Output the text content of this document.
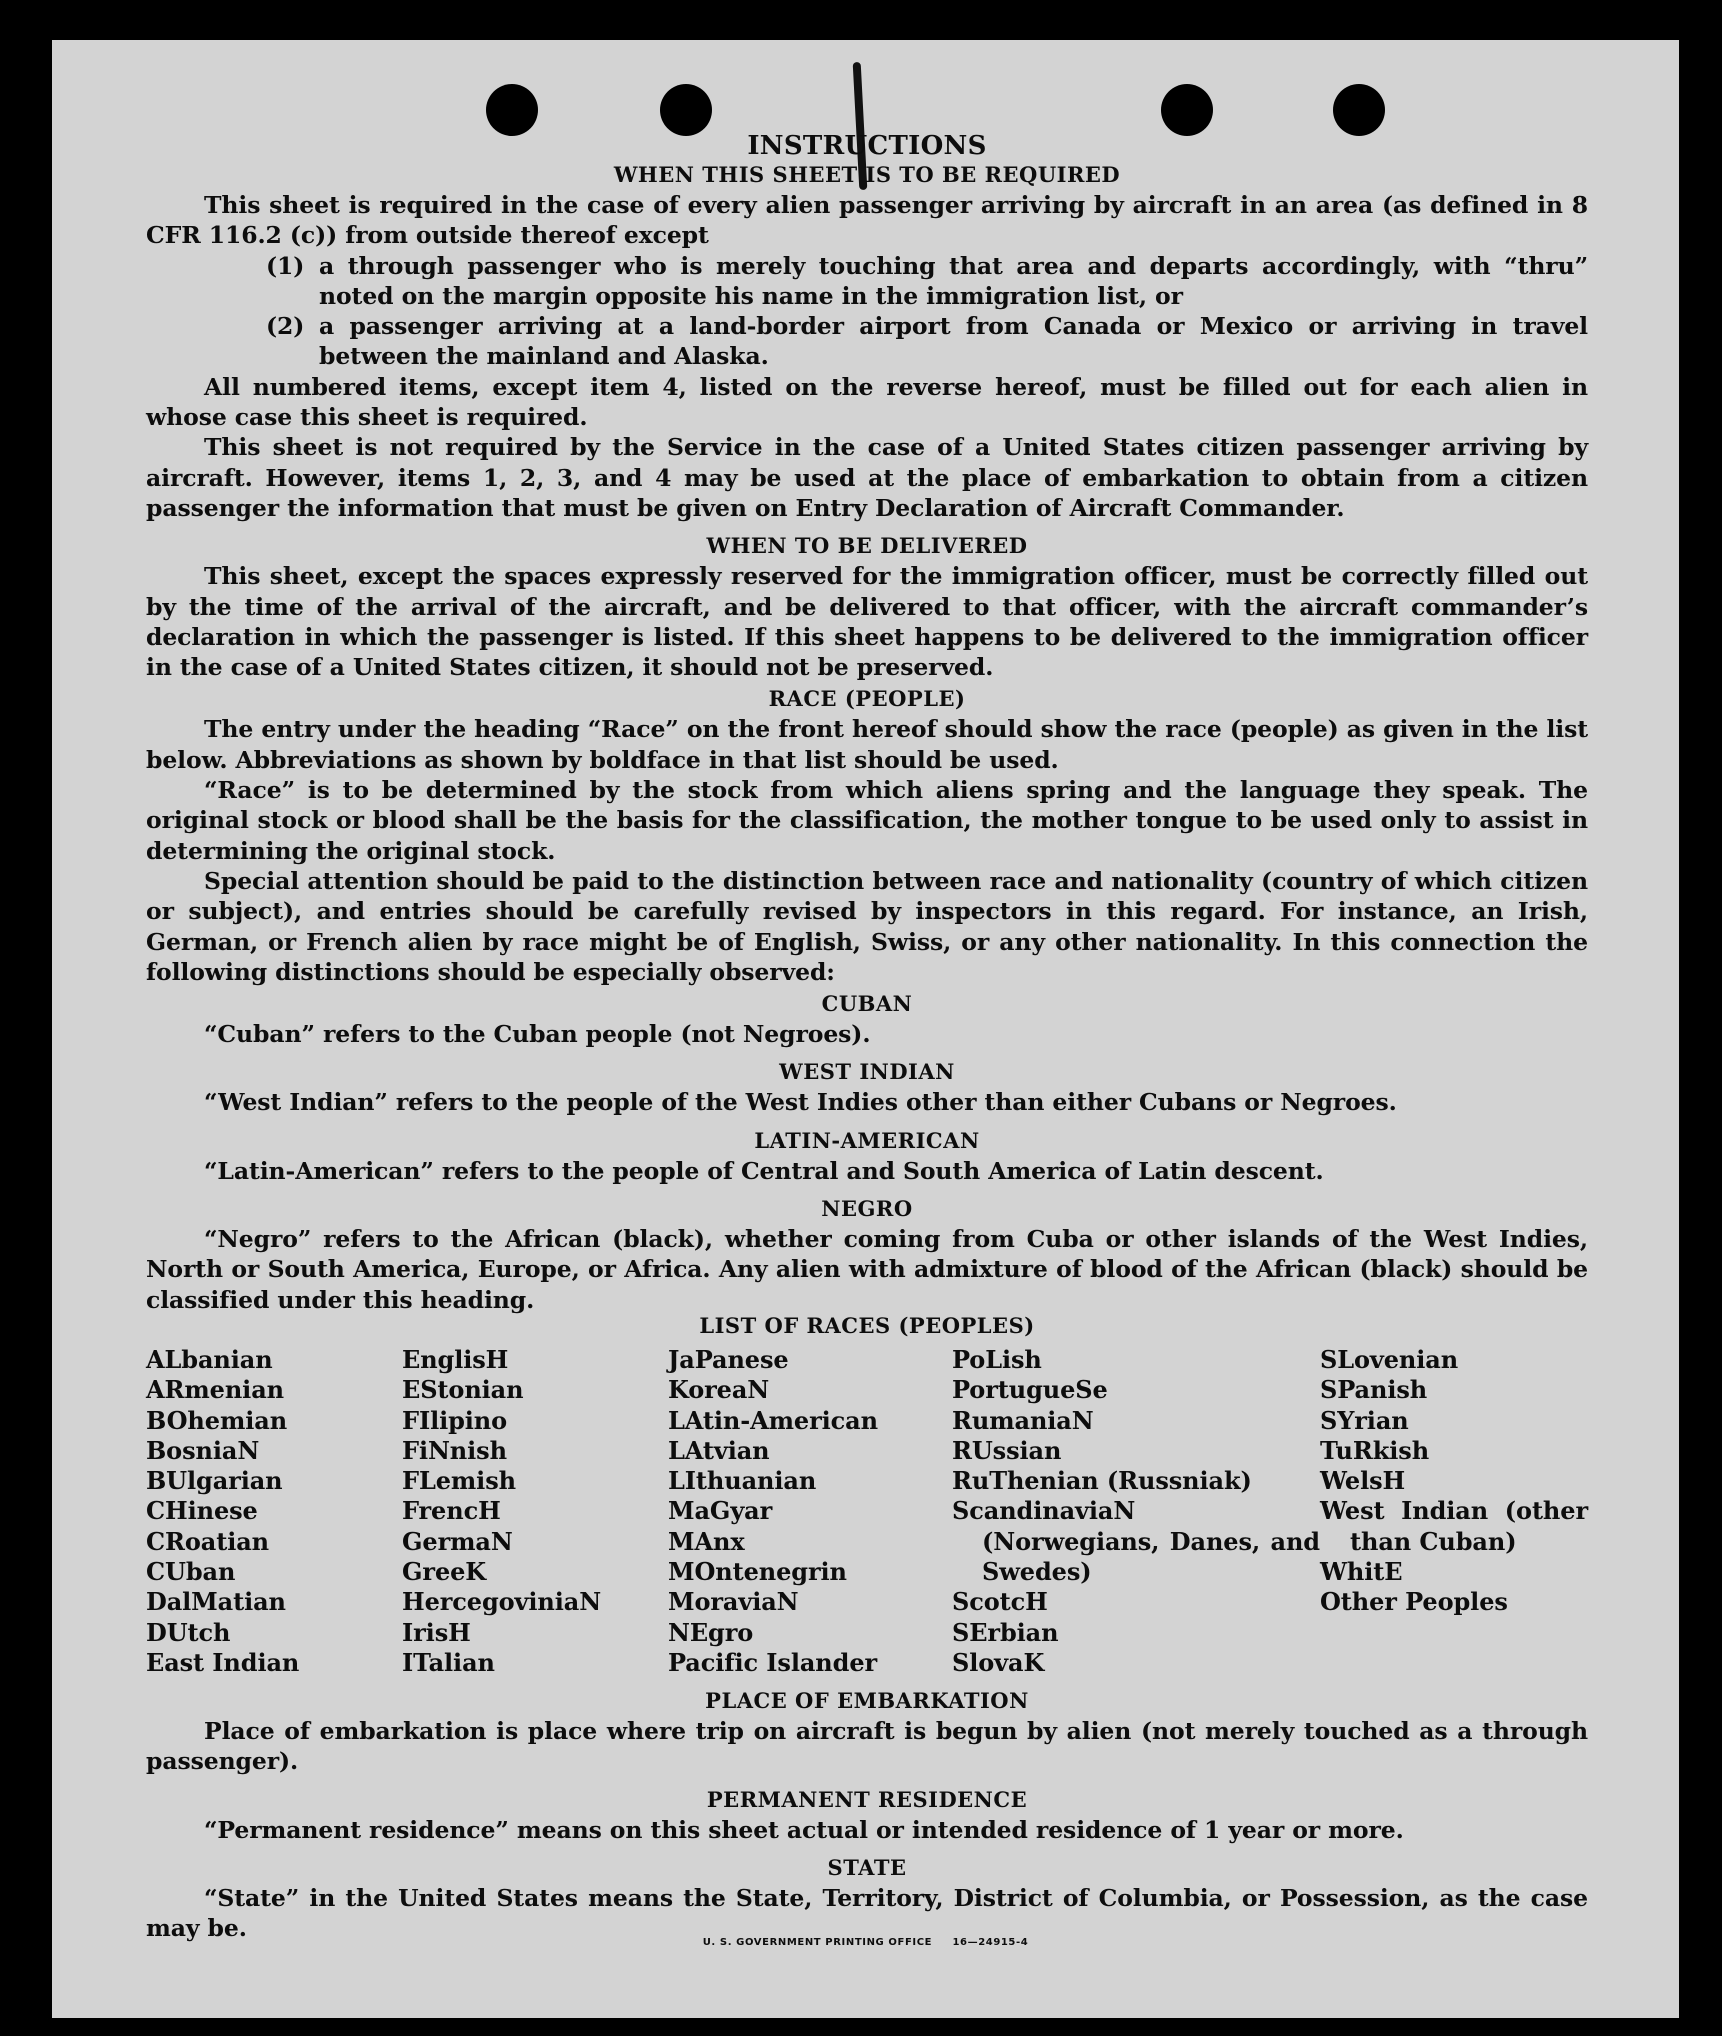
INSTRUCTIONS
WHEN THIS SHEET IS TO BE REQUIRED

This sheet is required in the case of every alien passenger arriving by aircraft in an area (as defined in 8 CFR 116.2 (c)) from outside thereof except

(1) a through passenger who is merely touching that area and departs accordingly, with “thru” noted on the margin opposite his name in the immigration list, or
(2) a passenger arriving at a land-border airport from Canada or Mexico or arriving in travel between the mainland and Alaska.

All numbered items, except item 4, listed on the reverse hereof, must be filled out for each alien in whose case this sheet is required.

This sheet is not required by the Service in the case of a United States citizen passenger arriving by aircraft. However, items 1, 2, 3, and 4 may be used at the place of embarkation to obtain from a citizen passenger the information that must be given on Entry Declaration of Aircraft Commander.

WHEN TO BE DELIVERED

This sheet, except the spaces expressly reserved for the immigration officer, must be correctly filled out by the time of the arrival of the aircraft, and be delivered to that officer, with the aircraft commander’s declaration in which the passenger is listed. If this sheet happens to be delivered to the immigration officer in the case of a United States citizen, it should not be preserved.

RACE (PEOPLE)

The entry under the heading “Race” on the front hereof should show the race (people) as given in the list below. Abbreviations as shown by boldface in that list should be used.

“Race” is to be determined by the stock from which aliens spring and the language they speak. The original stock or blood shall be the basis for the classification, the mother tongue to be used only to assist in determining the original stock.

Special attention should be paid to the distinction between race and nationality (country of which citizen or subject), and entries should be carefully revised by inspectors in this regard. For instance, an Irish, German, or French alien by race might be of English, Swiss, or any other nationality. In this connection the following distinctions should be especially observed:

CUBAN

“Cuban” refers to the Cuban people (not Negroes).

WEST INDIAN

“West Indian” refers to the people of the West Indies other than either Cubans or Negroes.

LATIN-AMERICAN

“Latin-American” refers to the people of Central and South America of Latin descent.

NEGRO

“Negro” refers to the African (black), whether coming from Cuba or other islands of the West Indies, North or South America, Europe, or Africa. Any alien with admixture of blood of the African (black) should be classified under this heading.

LIST OF RACES (PEOPLES)
ALbanian
ARmenian
BOhemian
BosniaN
BUlgarian
CHinese
CRoatian
CUban
DalMatian
DUtch
East Indian
EnglisH
EStonian
FIlipino
FiNnish
FLemish
FrencH
GermaN
GreeK
HercegoviniaN
IrisH
ITalian
JaPanese
KoreaN
LAtin-American
LAtvian
LIthuanian
MaGyar
MAnx
MOntenegrin
MoraviaN
NEgro
Pacific Islander
PoLish
PortugueSe
RumaniaN
RUssian
RuThenian (Russniak)
ScandinaviaN (Norwegians, Danes, and Swedes)
ScotcH
SErbian
SlovaK
SLovenian
SPanish
SYrian
TuRkish
WelsH
West Indian (other than Cuban)
WhitE
Other Peoples
PLACE OF EMBARKATION

Place of embarkation is place where trip on aircraft is begun by alien (not merely touched as a through passenger).

PERMANENT RESIDENCE

“Permanent residence” means on this sheet actual or intended residence of 1 year or more.

STATE

“State” in the United States means the State, Territory, District of Columbia, or Possession, as the case may be.

U. S. GOVERNMENT PRINTING OFFICE     16—24915-4
